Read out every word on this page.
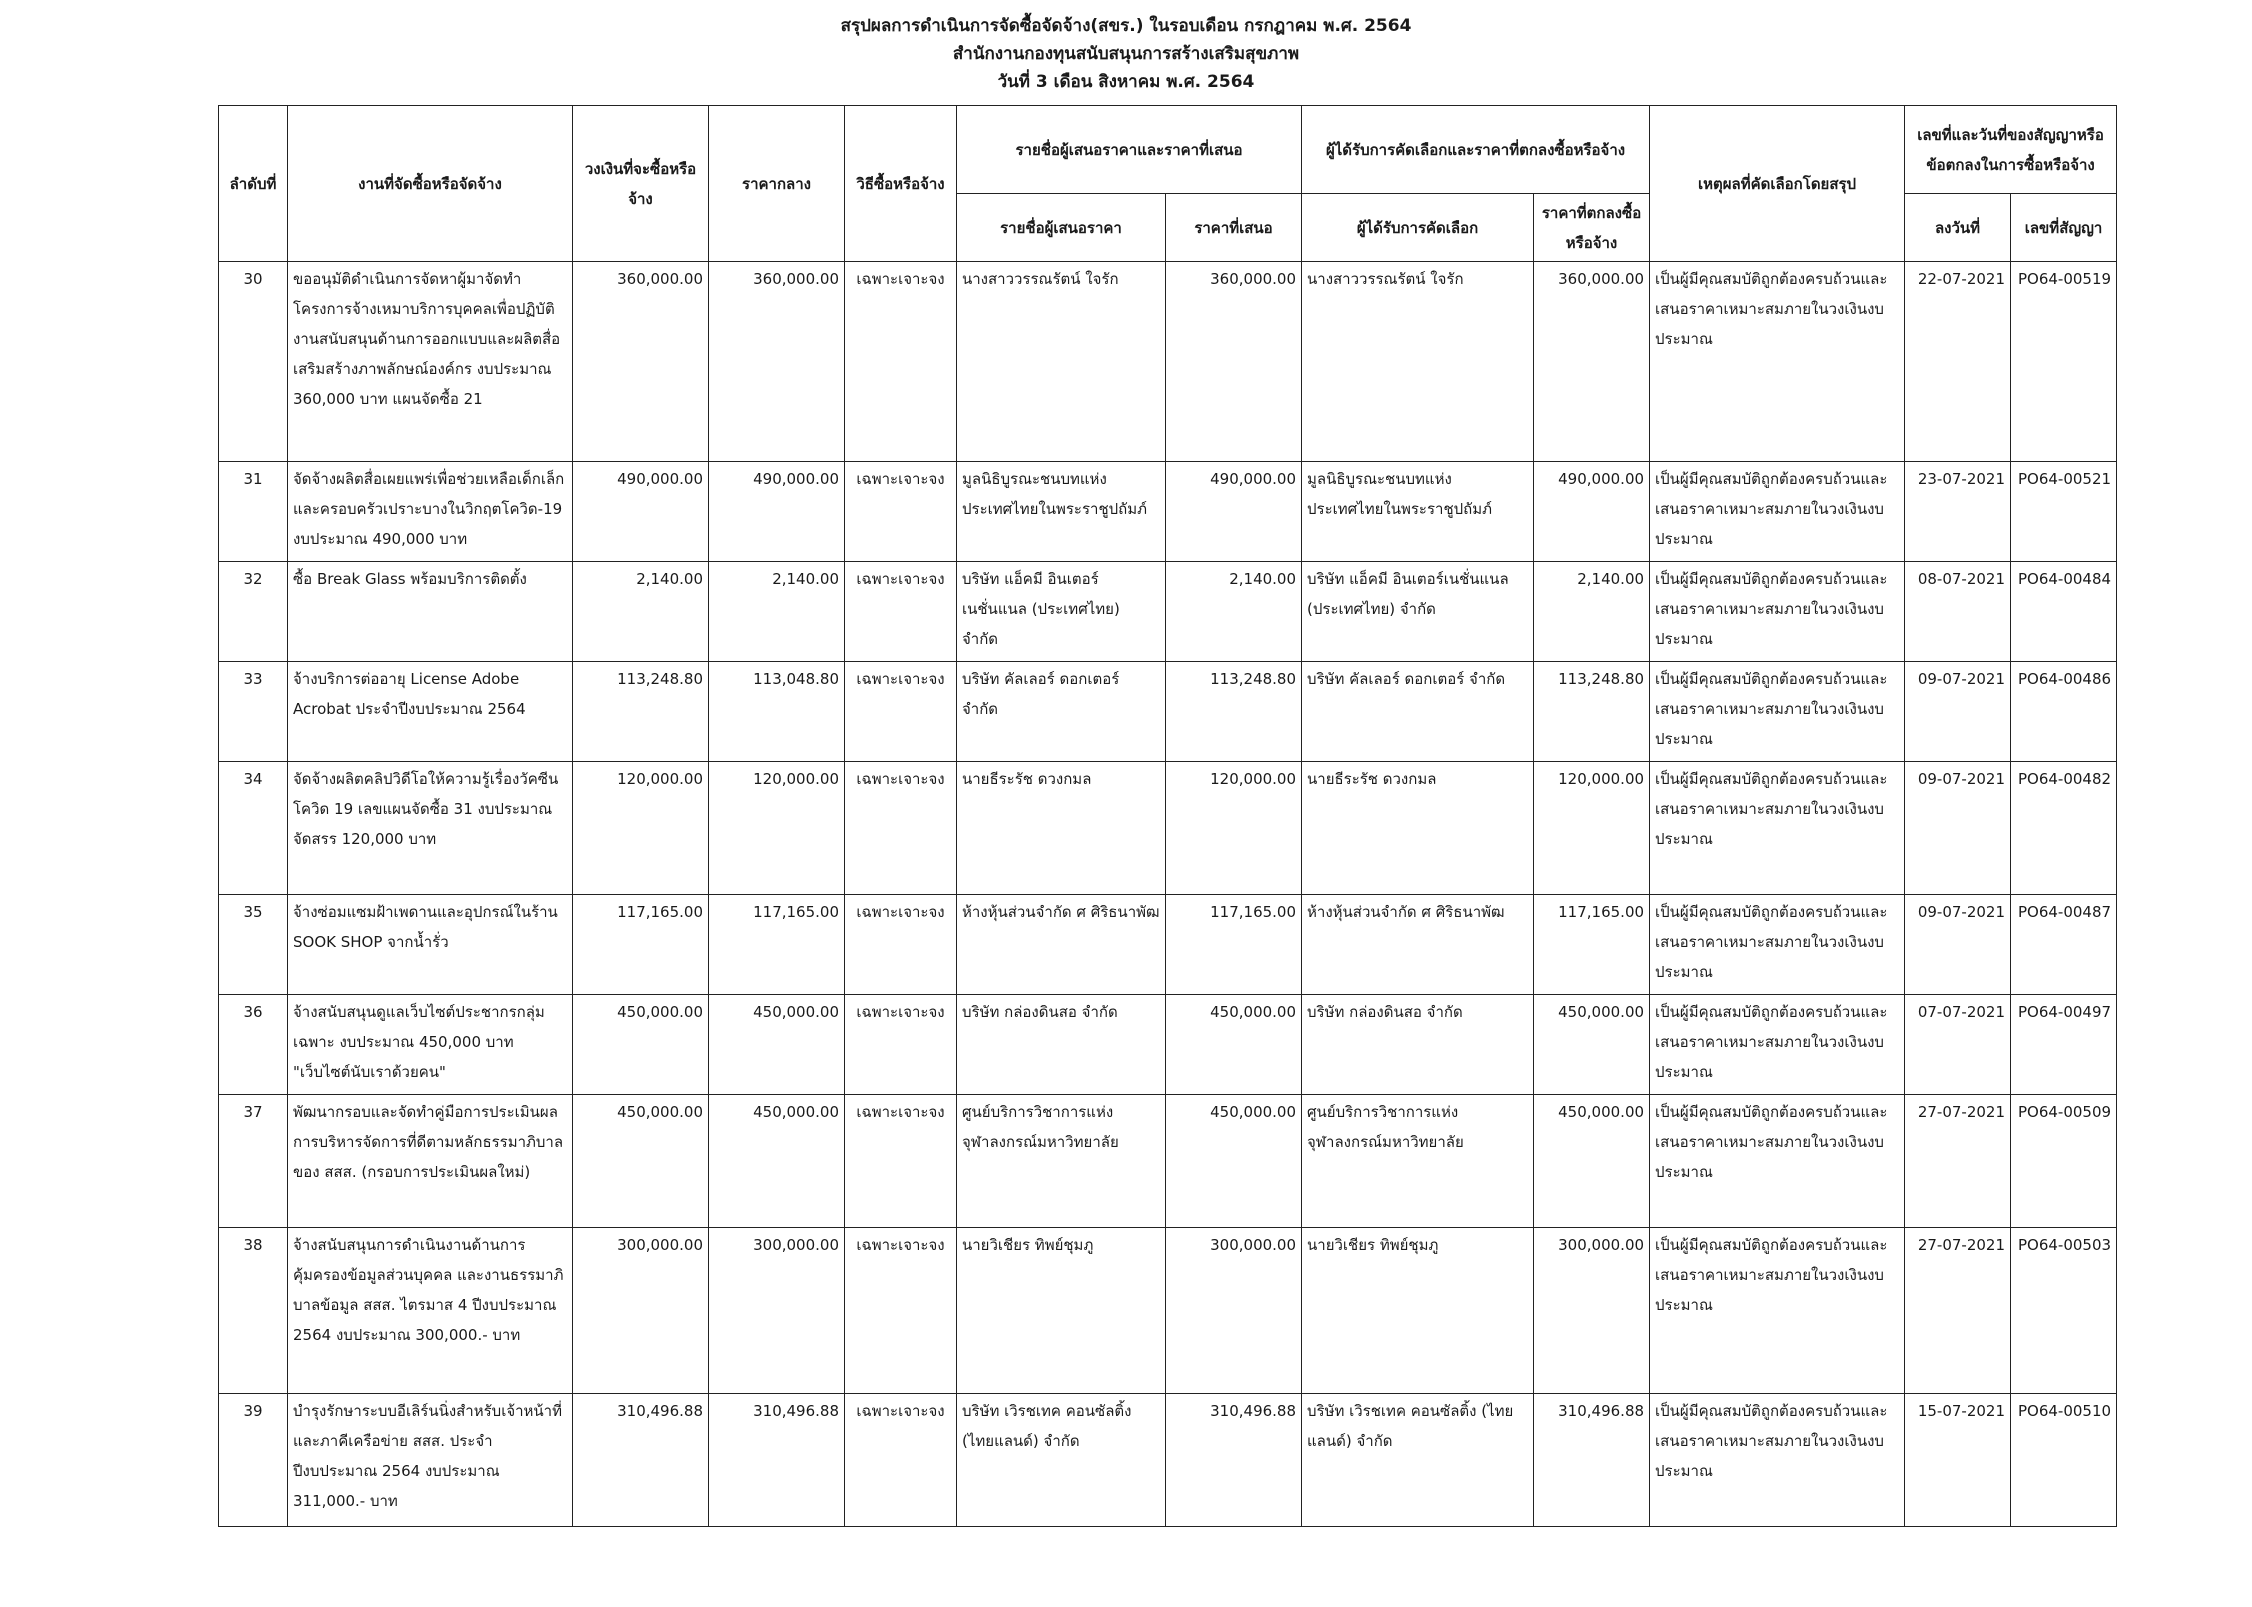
สรุปผลการดำเนินการจัดซื้อจัดจ้าง(สขร.) ในรอบเดือน กรกฎาคม พ.ศ. 2564
สำนักงานกองทุนสนับสนุนการสร้างเสริมสุขภาพ
วันที่ 3 เดือน สิงหาคม พ.ศ. 2564
ลำดับที่	งานที่จัดซื้อหรือจัดจ้าง	วงเงินที่จะซื้อหรือจ้าง	ราคากลาง	วิธีซื้อหรือจ้าง	รายชื่อผู้เสนอราคาและราคาที่เสนอ		ผู้ได้รับการคัดเลือกและราคาที่ตกลงซื้อหรือจ้าง		เหตุผลที่คัดเลือกโดยสรุป	เลขที่และวันที่ของสัญญาหรือข้อตกลงในการซื้อหรือจ้าง	
					รายชื่อผู้เสนอราคา	ราคาที่เสนอ	ผู้ได้รับการคัดเลือก	ราคาที่ตกลงซื้อหรือจ้าง		ลงวันที่	เลขที่สัญญา
30	ขออนุมัติดำเนินการจัดหาผู้มาจัดทำโครงการจ้างเหมาบริการบุคคลเพื่อปฏิบัติงานสนับสนุนด้านการออกแบบและผลิตสื่อเสริมสร้างภาพลักษณ์องค์กร งบประมาณ 360,000 บาท แผนจัดซื้อ 21	360,000.00	360,000.00	เฉพาะเจาะจง	นางสาววรรณรัตน์ ใจรัก	360,000.00	นางสาววรรณรัตน์ ใจรัก	360,000.00	เป็นผู้มีคุณสมบัติถูกต้องครบถ้วนและเสนอราคาเหมาะสมภายในวงเงินงบประมาณ	22-07-2021	PO64-00519
31	จัดจ้างผลิตสื่อเผยแพร่เพื่อช่วยเหลือเด็กเล็กและครอบครัวเปราะบางในวิกฤตโควิด-19 งบประมาณ 490,000 บาท	490,000.00	490,000.00	เฉพาะเจาะจง	มูลนิธิบูรณะชนบทแห่งประเทศไทยในพระราชูปถัมภ์	490,000.00	มูลนิธิบูรณะชนบทแห่งประเทศไทยในพระราชูปถัมภ์	490,000.00	เป็นผู้มีคุณสมบัติถูกต้องครบถ้วนและเสนอราคาเหมาะสมภายในวงเงินงบประมาณ	23-07-2021	PO64-00521
32	ซื้อ Break Glass พร้อมบริการติดตั้ง	2,140.00	2,140.00	เฉพาะเจาะจง	บริษัท แอ็คมี อินเตอร์เนชั่นแนล (ประเทศไทย) จำกัด	2,140.00	บริษัท แอ็คมี อินเตอร์เนชั่นแนล (ประเทศไทย) จำกัด	2,140.00	เป็นผู้มีคุณสมบัติถูกต้องครบถ้วนและเสนอราคาเหมาะสมภายในวงเงินงบประมาณ	08-07-2021	PO64-00484
33	จ้างบริการต่ออายุ License Adobe Acrobat ประจำปีงบประมาณ 2564	113,248.80	113,048.80	เฉพาะเจาะจง	บริษัท คัลเลอร์ ดอกเตอร์ จำกัด	113,248.80	บริษัท คัลเลอร์ ดอกเตอร์ จำกัด	113,248.80	เป็นผู้มีคุณสมบัติถูกต้องครบถ้วนและเสนอราคาเหมาะสมภายในวงเงินงบประมาณ	09-07-2021	PO64-00486
34	จัดจ้างผลิตคลิปวิดีโอให้ความรู้เรื่องวัคซีนโควิด 19 เลขแผนจัดซื้อ 31 งบประมาณจัดสรร 120,000 บาท	120,000.00	120,000.00	เฉพาะเจาะจง	นายธีระรัช ดวงกมล	120,000.00	นายธีระรัช ดวงกมล	120,000.00	เป็นผู้มีคุณสมบัติถูกต้องครบถ้วนและเสนอราคาเหมาะสมภายในวงเงินงบประมาณ	09-07-2021	PO64-00482
35	จ้างซ่อมแซมฝ้าเพดานและอุปกรณ์ในร้าน SOOK SHOP จากน้ำรั่ว	117,165.00	117,165.00	เฉพาะเจาะจง	ห้างหุ้นส่วนจำกัด ศ ศิริธนาพัฒ	117,165.00	ห้างหุ้นส่วนจำกัด ศ ศิริธนาพัฒ	117,165.00	เป็นผู้มีคุณสมบัติถูกต้องครบถ้วนและเสนอราคาเหมาะสมภายในวงเงินงบประมาณ	09-07-2021	PO64-00487
36	จ้างสนับสนุนดูแลเว็บไซต์ประชากรกลุ่มเฉพาะ งบประมาณ 450,000 บาท "เว็บไซต์นับเราด้วยคน"	450,000.00	450,000.00	เฉพาะเจาะจง	บริษัท กล่องดินสอ จำกัด	450,000.00	บริษัท กล่องดินสอ จำกัด	450,000.00	เป็นผู้มีคุณสมบัติถูกต้องครบถ้วนและเสนอราคาเหมาะสมภายในวงเงินงบประมาณ	07-07-2021	PO64-00497
37	พัฒนากรอบและจัดทำคู่มือการประเมินผลการบริหารจัดการที่ดีตามหลักธรรมาภิบาล ของ สสส. (กรอบการประเมินผลใหม่)	450,000.00	450,000.00	เฉพาะเจาะจง	ศูนย์บริการวิชาการแห่งจุฬาลงกรณ์มหาวิทยาลัย	450,000.00	ศูนย์บริการวิชาการแห่งจุฬาลงกรณ์มหาวิทยาลัย	450,000.00	เป็นผู้มีคุณสมบัติถูกต้องครบถ้วนและเสนอราคาเหมาะสมภายในวงเงินงบประมาณ	27-07-2021	PO64-00509
38	จ้างสนับสนุนการดำเนินงานด้านการคุ้มครองข้อมูลส่วนบุคคล และงานธรรมาภิบาลข้อมูล สสส. ไตรมาส 4 ปีงบประมาณ 2564 งบประมาณ 300,000.- บาท	300,000.00	300,000.00	เฉพาะเจาะจง	นายวิเชียร ทิพย์ชุมภู	300,000.00	นายวิเชียร ทิพย์ชุมภู	300,000.00	เป็นผู้มีคุณสมบัติถูกต้องครบถ้วนและเสนอราคาเหมาะสมภายในวงเงินงบประมาณ	27-07-2021	PO64-00503
39	บำรุงรักษาระบบอีเลิร์นนิ่งสำหรับเจ้าหน้าที่ และภาคีเครือข่าย สสส. ประจำปีงบประมาณ 2564 งบประมาณ 311,000.- บาท	310,496.88	310,496.88	เฉพาะเจาะจง	บริษัท เวิรชเทค คอนซัลติ้ง (ไทยแลนด์) จำกัด	310,496.88	บริษัท เวิรชเทค คอนซัลติ้ง (ไทยแลนด์) จำกัด	310,496.88	เป็นผู้มีคุณสมบัติถูกต้องครบถ้วนและเสนอราคาเหมาะสมภายในวงเงินงบประมาณ	15-07-2021	PO64-00510
